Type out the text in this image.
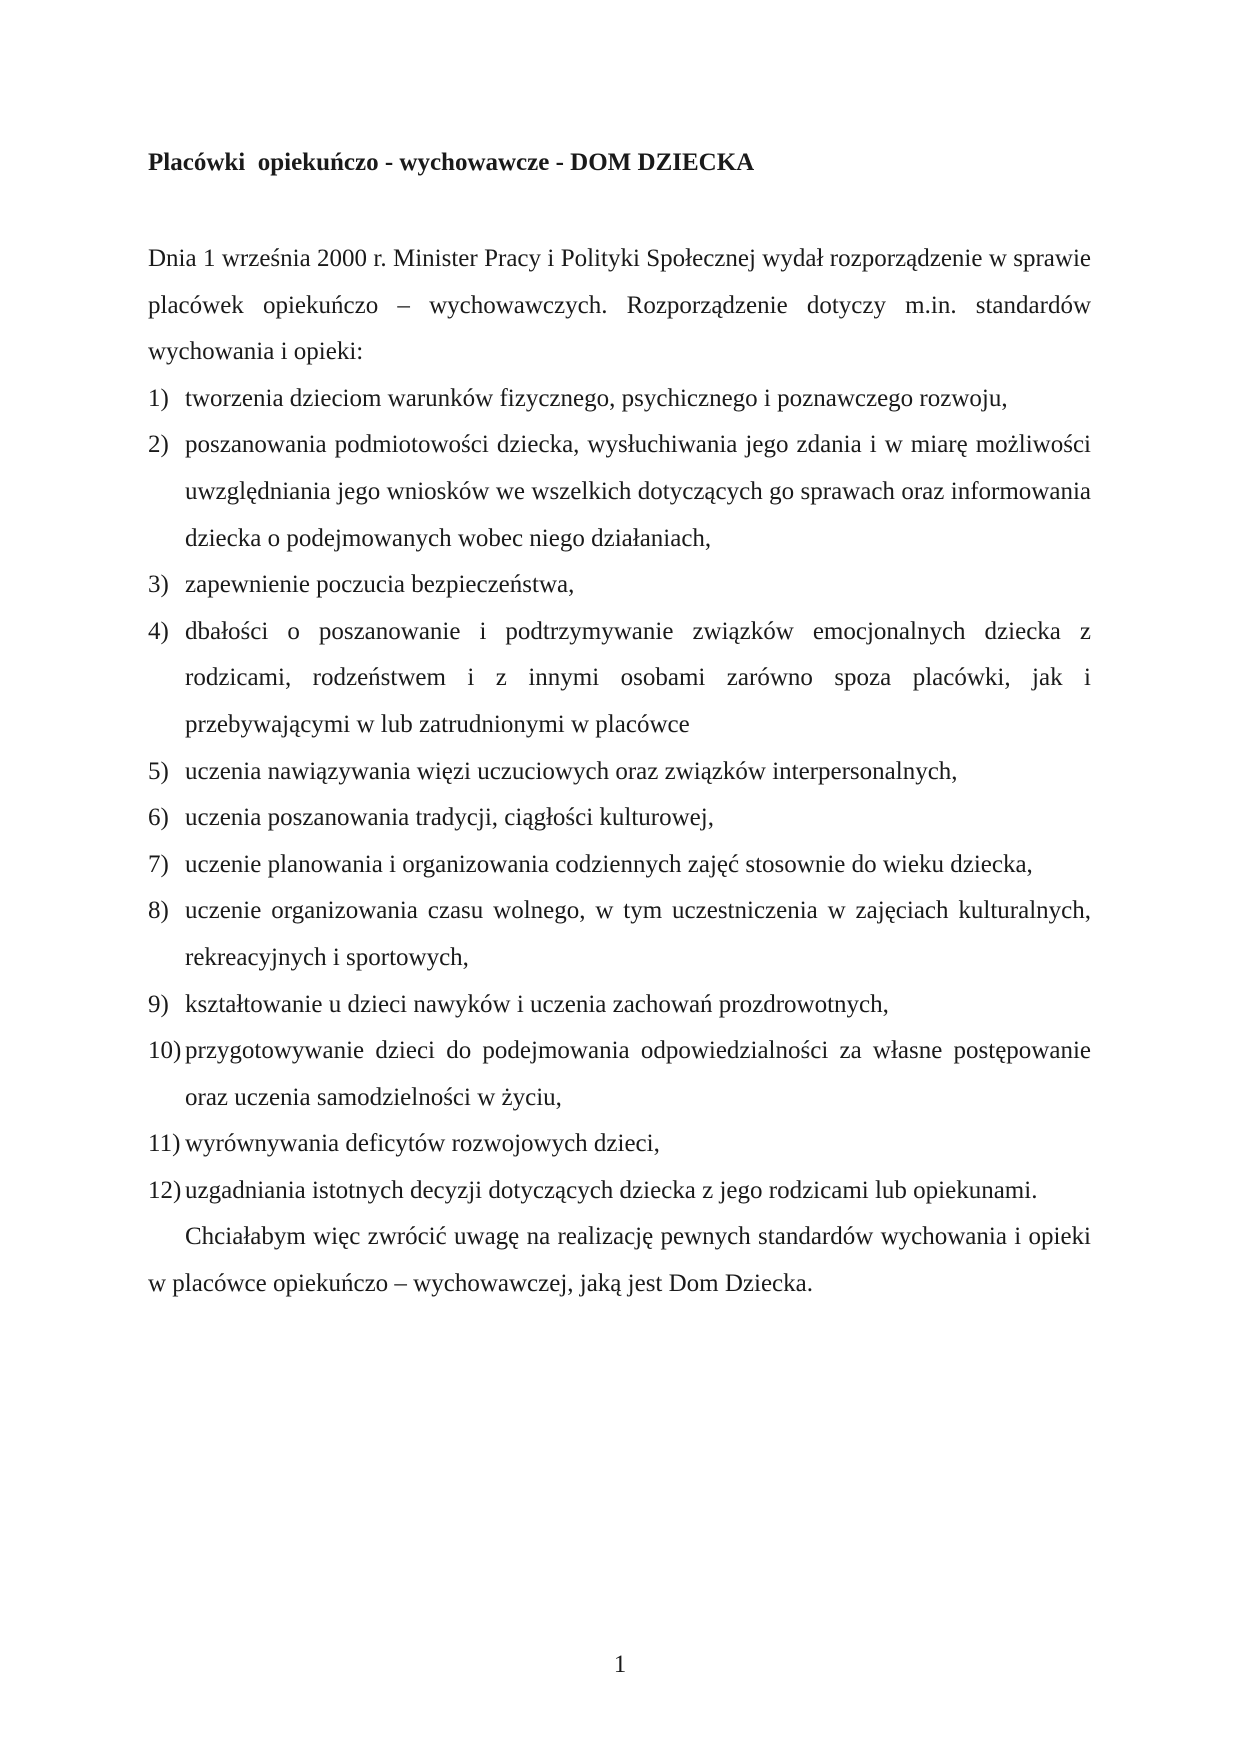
Placówki  opiekuńczo - wychowawcze - DOM DZIECKA

Dnia 1 września 2000 r. Minister Pracy i Polityki Społecznej wydał rozporządzenie w sprawie placówek opiekuńczo – wychowawczych. Rozporządzenie dotyczy m.in. standardów wychowania i opieki:

1) tworzenia dzieciom warunków fizycznego, psychicznego i poznawczego rozwoju,
2) poszanowania podmiotowości dziecka, wysłuchiwania jego zdania i w miarę możliwości uwzględniania jego wniosków we wszelkich dotyczących go sprawach oraz informowania dziecka o podejmowanych wobec niego działaniach,
3) zapewnienie poczucia bezpieczeństwa,
4) dbałości o poszanowanie i podtrzymywanie związków emocjonalnych dziecka z rodzicami, rodzeństwem i z innymi osobami zarówno spoza placówki, jak i przebywającymi w lub zatrudnionymi w placówce
5) uczenia nawiązywania więzi uczuciowych oraz związków interpersonalnych,
6) uczenia poszanowania tradycji, ciągłości kulturowej,
7) uczenie planowania i organizowania codziennych zajęć stosownie do wieku dziecka,
8) uczenie organizowania czasu wolnego, w tym uczestniczenia w zajęciach kulturalnych, rekreacyjnych i sportowych,
9) kształtowanie u dzieci nawyków i uczenia zachowań prozdrowotnych,
10) przygotowywanie dzieci do podejmowania odpowiedzialności za własne postępowanie oraz uczenia samodzielności w życiu,
11) wyrównywania deficytów rozwojowych dzieci,
12) uzgadniania istotnych decyzji dotyczących dziecka z jego rodzicami lub opiekunami.

Chciałabym więc zwrócić uwagę na realizację pewnych standardów wychowania i opieki w placówce opiekuńczo – wychowawczej, jaką jest Dom Dziecka.

1
